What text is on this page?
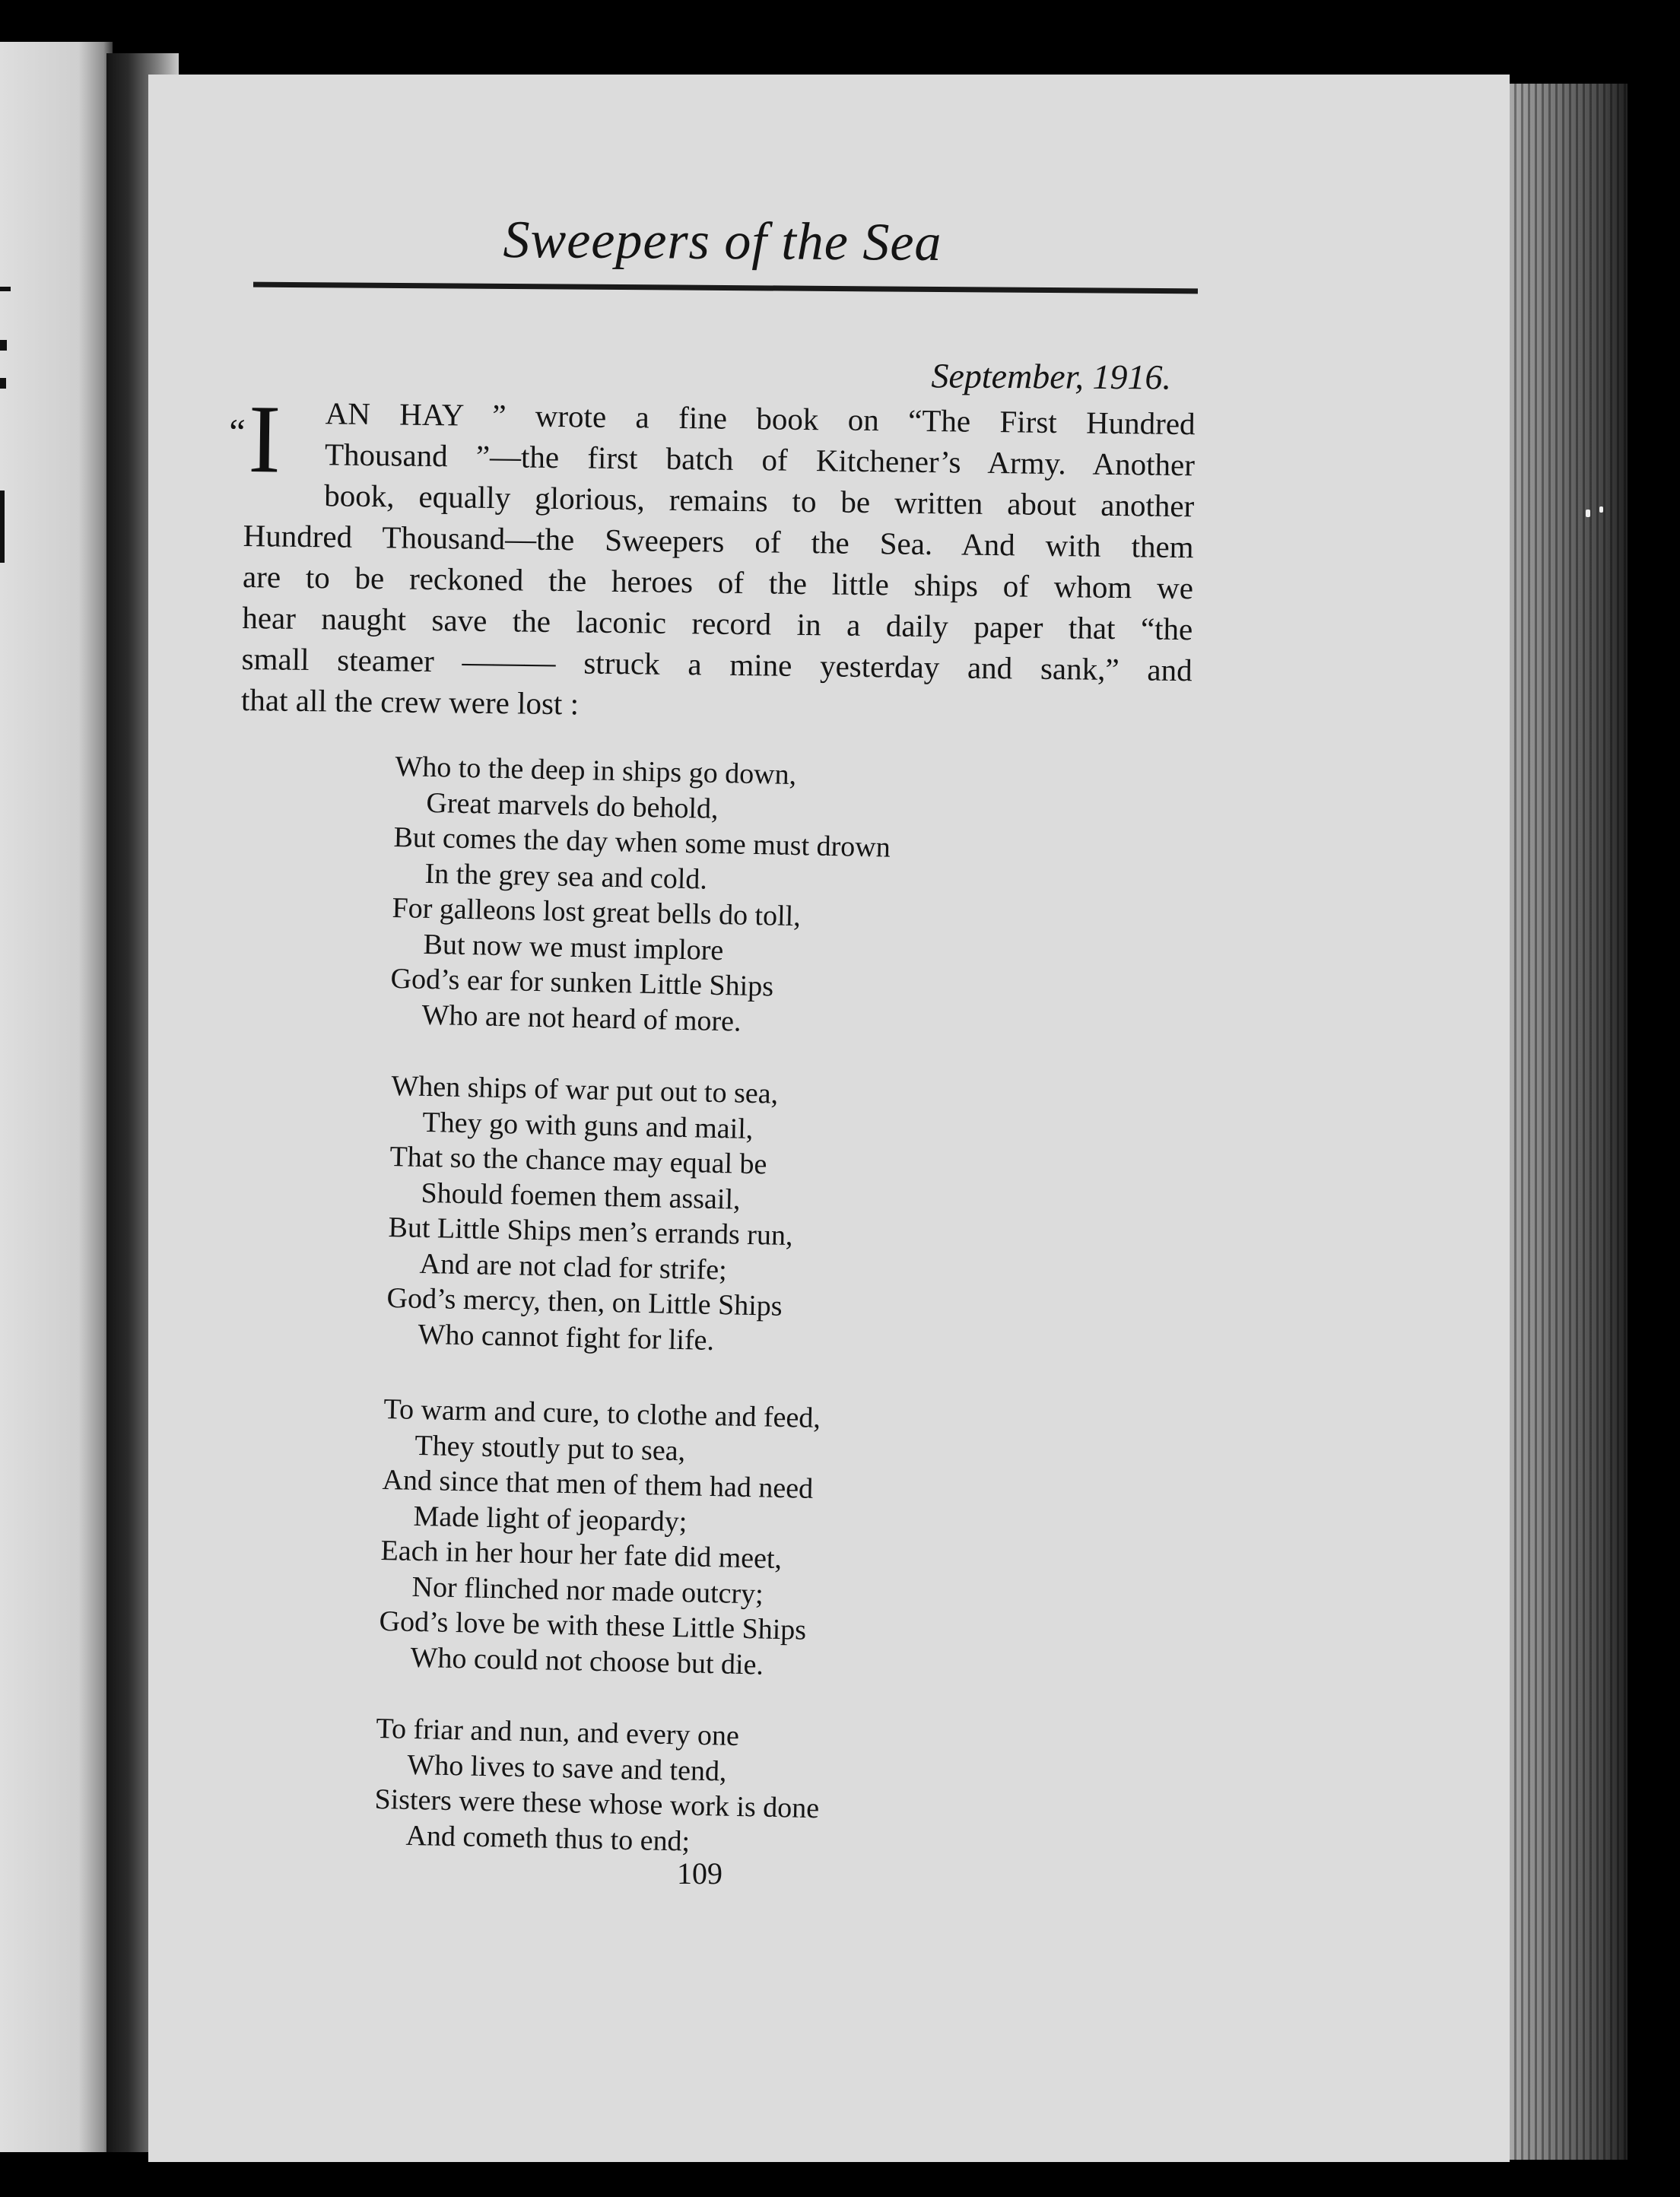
Sweepers of the Sea
September, 1916.
“I	AN HAY ” wrote a fine book on “The First Hundred
Thousand ”—the first batch of Kitchener’s Army. Another
book, equally glorious, remains to be written about another
Hundred Thousand—the Sweepers of the Sea. And with them
are to be reckoned the heroes of the little ships of whom we
hear naught save the laconic record in a daily paper that “the
small steamer ——— struck a mine yesterday and sank,” and
that all the crew were lost :
Who to the deep in ships go down,
Great marvels do behold,
But comes the day when some must drown
In the grey sea and cold.
For galleons lost great bells do toll,
But now we must implore
God’s ear for sunken Little Ships
Who are not heard of more.
When ships of war put out to sea,
They go with guns and mail,
That so the chance may equal be
Should foemen them assail,
But Little Ships men’s errands run,
And are not clad for strife;
God’s mercy, then, on Little Ships
Who cannot fight for life.
To warm and cure, to clothe and feed,
They stoutly put to sea,
And since that men of them had need
Made light of jeopardy;
Each in her hour her fate did meet,
Nor flinched nor made outcry;
God’s love be with these Little Ships
Who could not choose but die.
To friar and nun, and every one
Who lives to save and tend,
Sisters were these whose work is done
And cometh thus to end;
109
